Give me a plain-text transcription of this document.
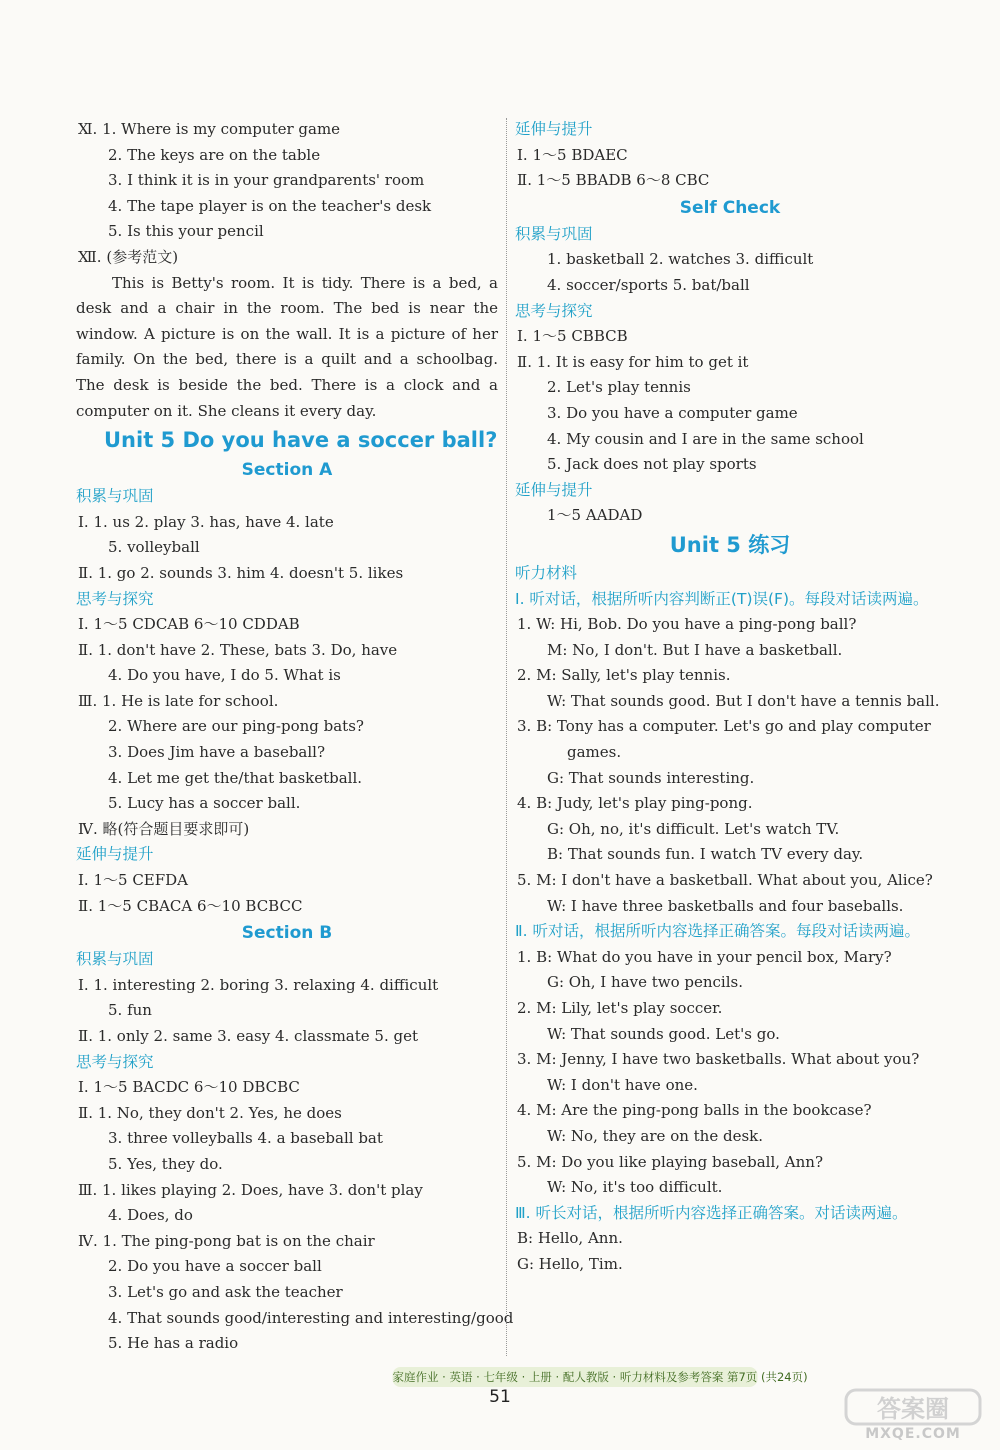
Ⅺ. 1. Where is my computer game
2. The keys are on the table
3. I think it is in your grandparents' room
4. The tape player is on the teacher's desk
5. Is this your pencil
Ⅻ. (参考范文)
This is Betty's room. It is tidy. There is a bed, a desk and a chair in the room. The bed is near the window. A picture is on the wall. It is a picture of her family. On the bed, there is a quilt and a schoolbag. The desk is beside the bed. There is a clock and a computer on it. She cleans it every day.
Unit 5 Do you have a soccer ball?
Section A
积累与巩固
Ⅰ. 1. us 2. play 3. has, have 4. late
5. volleyball
Ⅱ. 1. go 2. sounds 3. him 4. doesn't 5. likes
思考与探究
Ⅰ. 1～5 CDCAB 6～10 CDDAB
Ⅱ. 1. don't have 2. These, bats 3. Do, have
4. Do you have, I do 5. What is
Ⅲ. 1. He is late for school.
2. Where are our ping-pong bats?
3. Does Jim have a baseball?
4. Let me get the/that basketball.
5. Lucy has a soccer ball.
Ⅳ. 略(符合题目要求即可)
延伸与提升
Ⅰ. 1～5 CEFDA
Ⅱ. 1～5 CBACA 6～10 BCBCC
Section B
积累与巩固
Ⅰ. 1. interesting 2. boring 3. relaxing 4. difficult
5. fun
Ⅱ. 1. only 2. same 3. easy 4. classmate 5. get
思考与探究
Ⅰ. 1～5 BACDC 6～10 DBCBC
Ⅱ. 1. No, they don't 2. Yes, he does
3. three volleyballs 4. a baseball bat
5. Yes, they do.
Ⅲ. 1. likes playing 2. Does, have 3. don't play
4. Does, do
Ⅳ. 1. The ping-pong bat is on the chair
2. Do you have a soccer ball
3. Let's go and ask the teacher
4. That sounds good/interesting and interesting/good
5. He has a radio
延伸与提升
Ⅰ. 1～5 BDAEC
Ⅱ. 1～5 BBADB 6～8 CBC
Self Check
积累与巩固
1. basketball 2. watches 3. difficult
4. soccer/sports 5. bat/ball
思考与探究
Ⅰ. 1～5 CBBCB
Ⅱ. 1. It is easy for him to get it
2. Let's play tennis
3. Do you have a computer game
4. My cousin and I are in the same school
5. Jack does not play sports
延伸与提升
1～5 AADAD
Unit 5 练习
听力材料
Ⅰ. 听对话，根据所听内容判断正(T)误(F)。每段对话读两遍。
1. W: Hi, Bob. Do you have a ping-pong ball?
M: No, I don't. But I have a basketball.
2. M: Sally, let's play tennis.
W: That sounds good. But I don't have a tennis ball.
3. B: Tony has a computer. Let's go and play computer
games.
G: That sounds interesting.
4. B: Judy, let's play ping-pong.
G: Oh, no, it's difficult. Let's watch TV.
B: That sounds fun. I watch TV every day.
5. M: I don't have a basketball. What about you, Alice?
W: I have three basketballs and four baseballs.
Ⅱ. 听对话，根据所听内容选择正确答案。每段对话读两遍。
1. B: What do you have in your pencil box, Mary?
G: Oh, I have two pencils.
2. M: Lily, let's play soccer.
W: That sounds good. Let's go.
3. M: Jenny, I have two basketballs. What about you?
W: I don't have one.
4. M: Are the ping-pong balls in the bookcase?
W: No, they are on the desk.
5. M: Do you like playing baseball, Ann?
W: No, it's too difficult.
Ⅲ. 听长对话，根据所听内容选择正确答案。对话读两遍。
B: Hello, Ann.
G: Hello, Tim.
家庭作业 · 英语 · 七年级 · 上册 · 配人教版 · 听力材料及参考答案 第7页 (共24页)
51	答案圈
MXQE.COM
